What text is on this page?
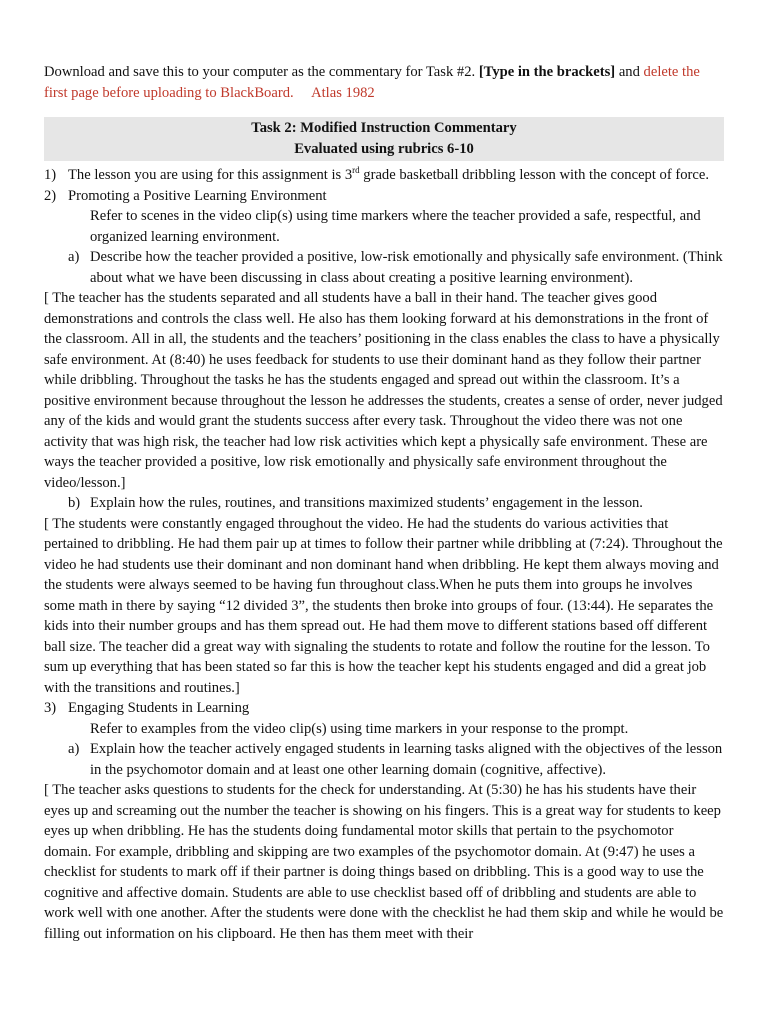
Download and save this to your computer as the commentary for Task #2. [Type in the brackets] and delete the first page before uploading to BlackBoard. Atlas 1982

Task 2: Modified Instruction Commentary
Evaluated using rubrics 6-10
1) The lesson you are using for this assignment is 3rd grade basketball dribbling lesson with the concept of force.
2) Promoting a Positive Learning Environment
Refer to scenes in the video clip(s) using time markers where the teacher provided a safe, respectful, and organized learning environment.
a) Describe how the teacher provided a positive, low-risk emotionally and physically safe environment. (Think about what we have been discussing in class about creating a positive learning environment).

[ The teacher has the students separated and all students have a ball in their hand. The teacher gives good demonstrations and controls the class well. He also has them looking forward at his demonstrations in the front of the classroom. All in all, the students and the teachers’ positioning in the class enables the class to have a physically safe environment. At (8:40) he uses feedback for students to use their dominant hand as they follow their partner while dribbling. Throughout the tasks he has the students engaged and spread out within the classroom. It’s a positive environment because throughout the lesson he addresses the students, creates a sense of order, never judged any of the kids and would grant the students success after every task. Throughout the video there was not one activity that was high risk, the teacher had low risk activities which kept a physically safe environment. These are ways the teacher provided a positive, low risk emotionally and physically safe environment throughout the video/lesson.]

b) Explain how the rules, routines, and transitions maximized students’ engagement in the lesson.

[ The students were constantly engaged throughout the video. He had the students do various activities that pertained to dribbling. He had them pair up at times to follow their partner while dribbling at (7:24). Throughout the video he had students use their dominant and non dominant hand when dribbling. He kept them always moving and the students were always seemed to be having fun throughout class.When he puts them into groups he involves some math in there by saying “12 divided 3”, the students then broke into groups of four. (13:44). He separates the kids into their number groups and has them spread out. He had them move to different stations based off different ball size. The teacher did a great way with signaling the students to rotate and follow the routine for the lesson. To sum up everything that has been stated so far this is how the teacher kept his students engaged and did a great job with the transitions and routines.]

3) Engaging Students in Learning
Refer to examples from the video clip(s) using time markers in your response to the prompt.
a) Explain how the teacher actively engaged students in learning tasks aligned with the objectives of the lesson in the psychomotor domain and at least one other learning domain (cognitive, affective).

[ The teacher asks questions to students for the check for understanding. At (5:30) he has his students have their eyes up and screaming out the number the teacher is showing on his fingers. This is a great way for students to keep eyes up when dribbling. He has the students doing fundamental motor skills that pertain to the psychomotor domain. For example, dribbling and skipping are two examples of the psychomotor domain. At (9:47) he uses a checklist for students to mark off if their partner is doing things based on dribbling. This is a good way to use the cognitive and affective domain. Students are able to use checklist based off of dribbling and students are able to work well with one another. After the students were done with the checklist he had them skip and while he would be filling out information on his clipboard. He then has them meet with their
